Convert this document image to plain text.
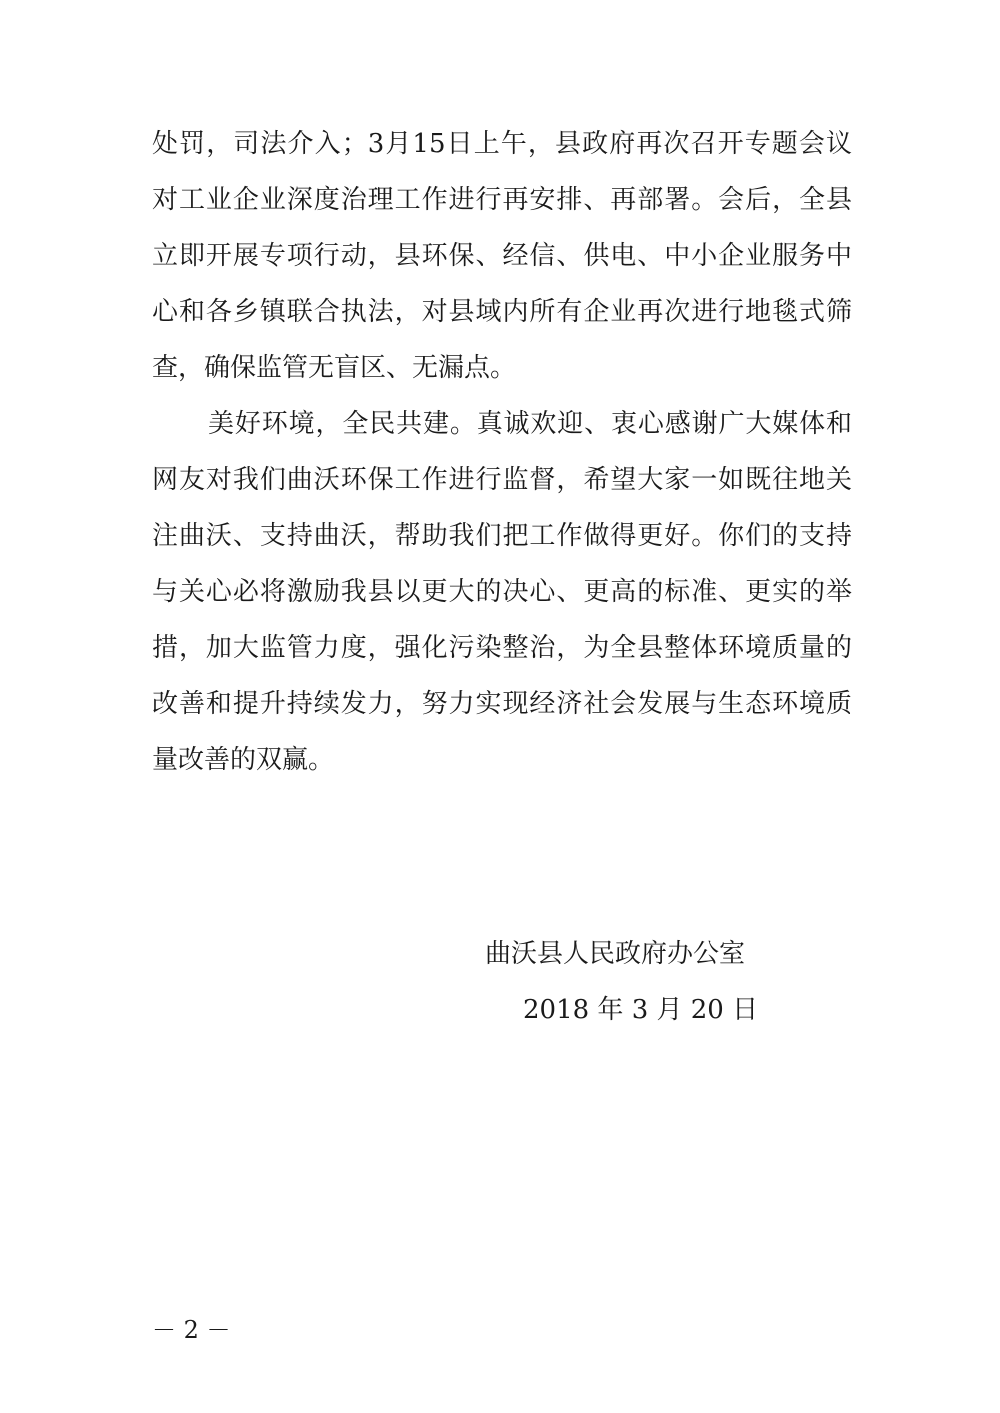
处罚，司法介入；3月15日上午，县政府再次召开专题会议
对工业企业深度治理工作进行再安排、再部署。会后，全县
立即开展专项行动，县环保、经信、供电、中小企业服务中
心和各乡镇联合执法，对县域内所有企业再次进行地毯式筛
查，确保监管无盲区、无漏点。
美好环境，全民共建。真诚欢迎、衷心感谢广大媒体和
网友对我们曲沃环保工作进行监督，希望大家一如既往地关
注曲沃、支持曲沃，帮助我们把工作做得更好。你们的支持
与关心必将激励我县以更大的决心、更高的标准、更实的举
措，加大监管力度，强化污染整治，为全县整体环境质量的
改善和提升持续发力，努力实现经济社会发展与生态环境质
量改善的双赢。
曲沃县人民政府办公室
2018 年 3 月 20 日
－ 2 －
